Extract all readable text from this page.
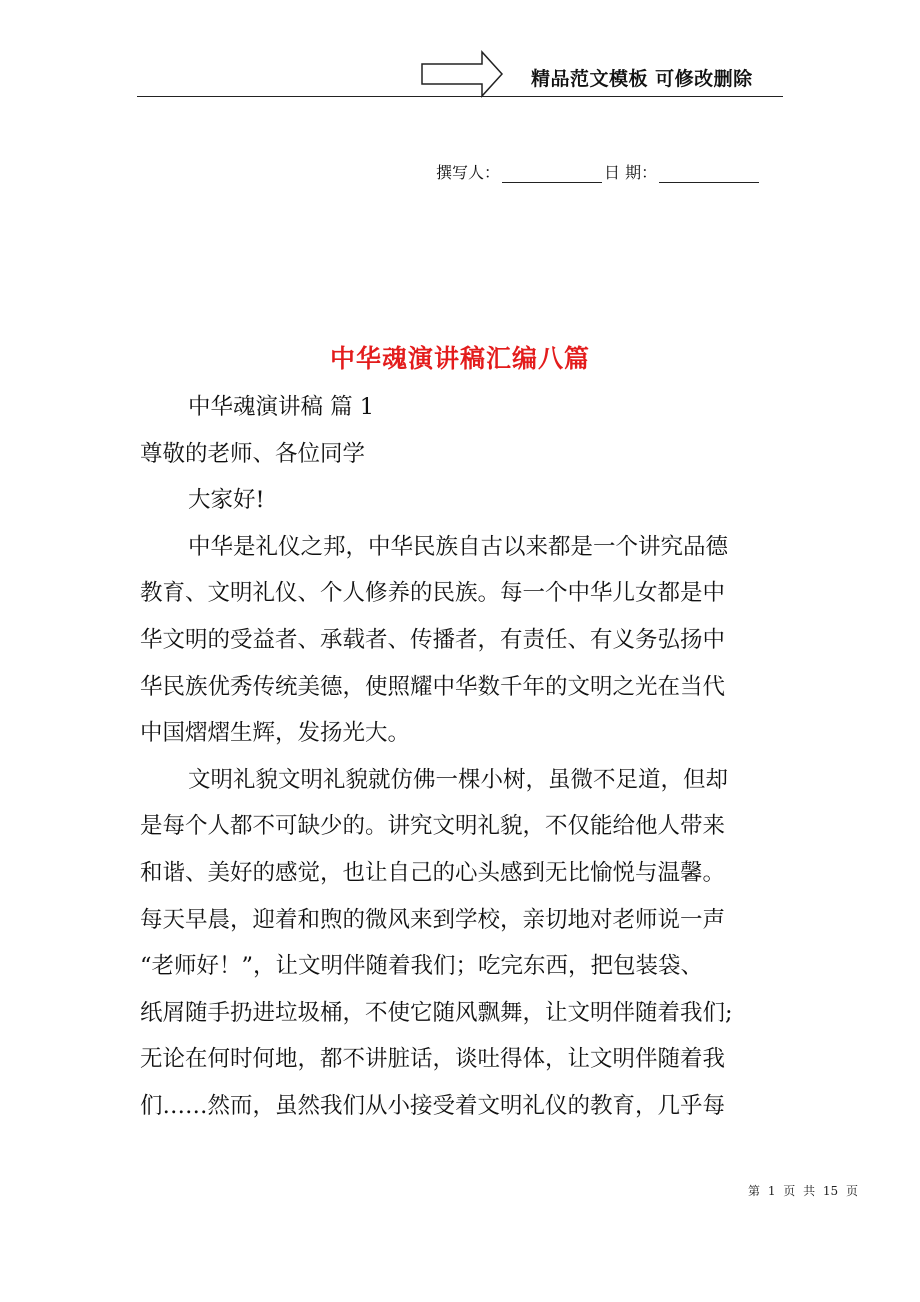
精品范文模板 可修改删除
撰写人：	日 期：
中华魂演讲稿汇编八篇
中华魂演讲稿 篇 1
尊敬的老师、各位同学
大家好!
中华是礼仪之邦，中华民族自古以来都是一个讲究品德
教育、文明礼仪、个人修养的民族。每一个中华儿女都是中
华文明的受益者、承载者、传播者，有责任、有义务弘扬中
华民族优秀传统美德，使照耀中华数千年的文明之光在当代
中国熠熠生辉，发扬光大。
文明礼貌文明礼貌就仿佛一棵小树，虽微不足道，但却
是每个人都不可缺少的。讲究文明礼貌，不仅能给他人带来
和谐、美好的感觉，也让自己的心头感到无比愉悦与温馨。
每天早晨，迎着和煦的微风来到学校，亲切地对老师说一声
“老师好！”，让文明伴随着我们；吃完东西，把包装袋、
纸屑随手扔进垃圾桶，不使它随风飘舞，让文明伴随着我们;
无论在何时何地，都不讲脏话，谈吐得体，让文明伴随着我
们……然而，虽然我们从小接受着文明礼仪的教育，几乎每
第 1 页 共 15 页
